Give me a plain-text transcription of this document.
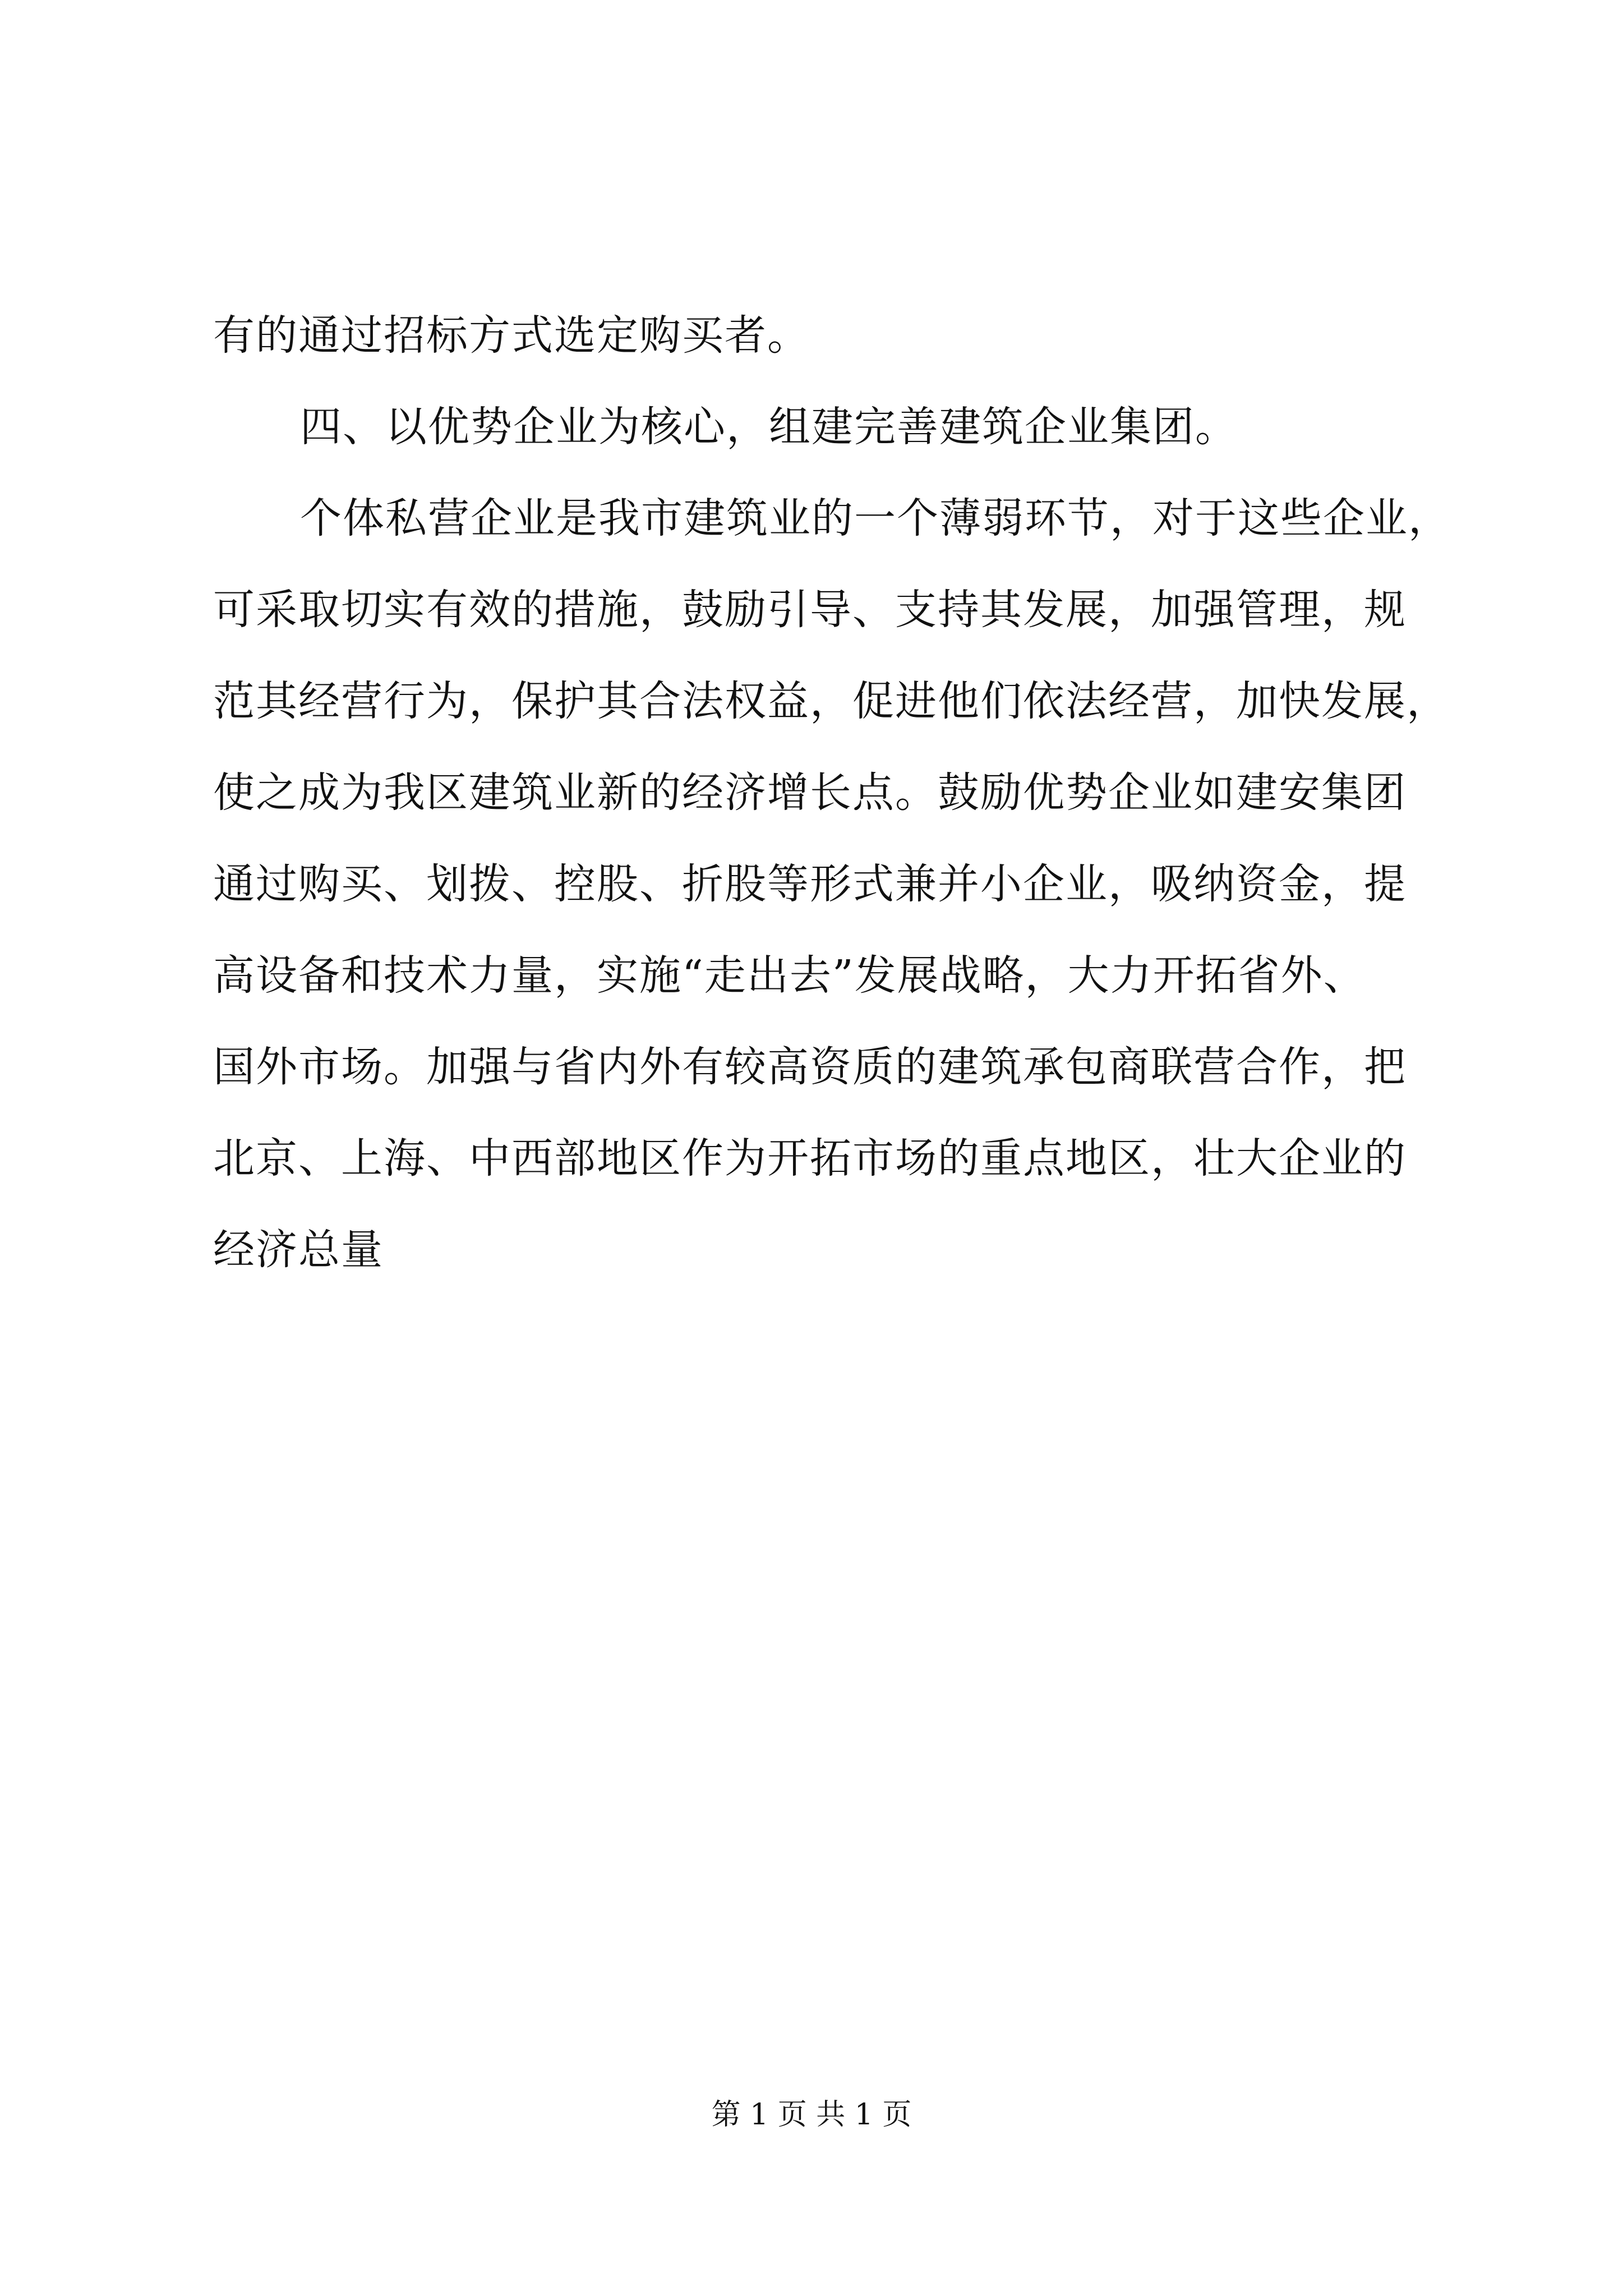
有的通过招标方式选定购买者。
四、以优势企业为核心，组建完善建筑企业集团。
个体私营企业是我市建筑业的一个薄弱环节，对于这些企业，
可采取切实有效的措施，鼓励引导、支持其发展，加强管理，规
范其经营行为，保护其合法权益，促进他们依法经营，加快发展，
使之成为我区建筑业新的经济增长点。鼓励优势企业如建安集团
通过购买、划拨、控股、折股等形式兼并小企业，吸纳资金，提
高设备和技术力量，实施“走出去”发展战略，大力开拓省外、
国外市场。加强与省内外有较高资质的建筑承包商联营合作，把
北京、上海、中西部地区作为开拓市场的重点地区，壮大企业的
经济总量
第 1 页 共 1 页
